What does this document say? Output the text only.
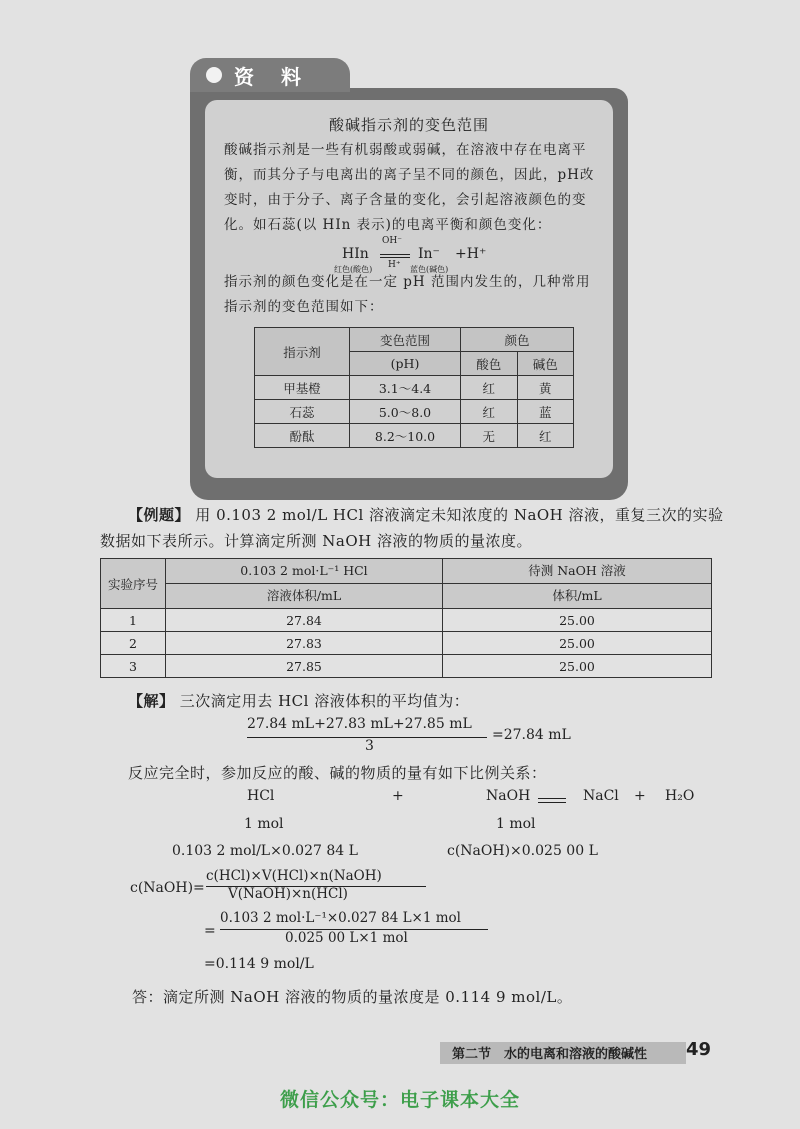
资 料
酸碱指示剂的变色范围
酸碱指示剂是一些有机弱酸或弱碱，在溶液中存在电离平衡，而其分子与电离出的离子呈不同的颜色，因此，pH改变时，由于分子、离子含量的变化，会引起溶液颜色的变化。如石蕊(以 HIn 表示)的电离平衡和颜色变化：
HIn
红色(酸色)
OH⁻
H⁺
In⁻
蓝色(碱色)
+H⁺
指示剂的颜色变化是在一定 pH 范围内发生的，几种常用指示剂的变色范围如下：
指示剂	变色范围	颜色	
	(pH)	酸色	碱色
甲基橙	3.1～4.4	红	黄
石蕊	5.0～8.0	红	蓝
酚酞	8.2～10.0	无	红
【例题】 用 0.103 2 mol/L HCl 溶液滴定未知浓度的 NaOH 溶液，重复三次的实验
数据如下表所示。计算滴定所测 NaOH 溶液的物质的量浓度。
实验序号	0.103 2 mol·L⁻¹ HCl	待测 NaOH 溶液
	溶液体积/mL	体积/mL
1	27.84	25.00
2	27.83	25.00
3	27.85	25.00
【解】 三次滴定用去 HCl 溶液体积的平均值为：
27.84 mL+27.83 mL+27.85 mL
3
=27.84 mL
反应完全时，参加反应的酸、碱的物质的量有如下比例关系：
HCl	+	NaOH	NaCl + H₂O
1 mol	1 mol
0.103 2 mol/L×0.027 84 L	c(NaOH)×0.025 00 L
c(NaOH)=
c(HCl)×V(HCl)×n(NaOH)
V(NaOH)×n(HCl)
=
0.103 2 mol·L⁻¹×0.027 84 L×1 mol
0.025 00 L×1 mol
=0.114 9 mol/L
答：滴定所测 NaOH 溶液的物质的量浓度是 0.114 9 mol/L。
第二节　水的电离和溶液的酸碱性 49
微信公众号：电子课本大全
